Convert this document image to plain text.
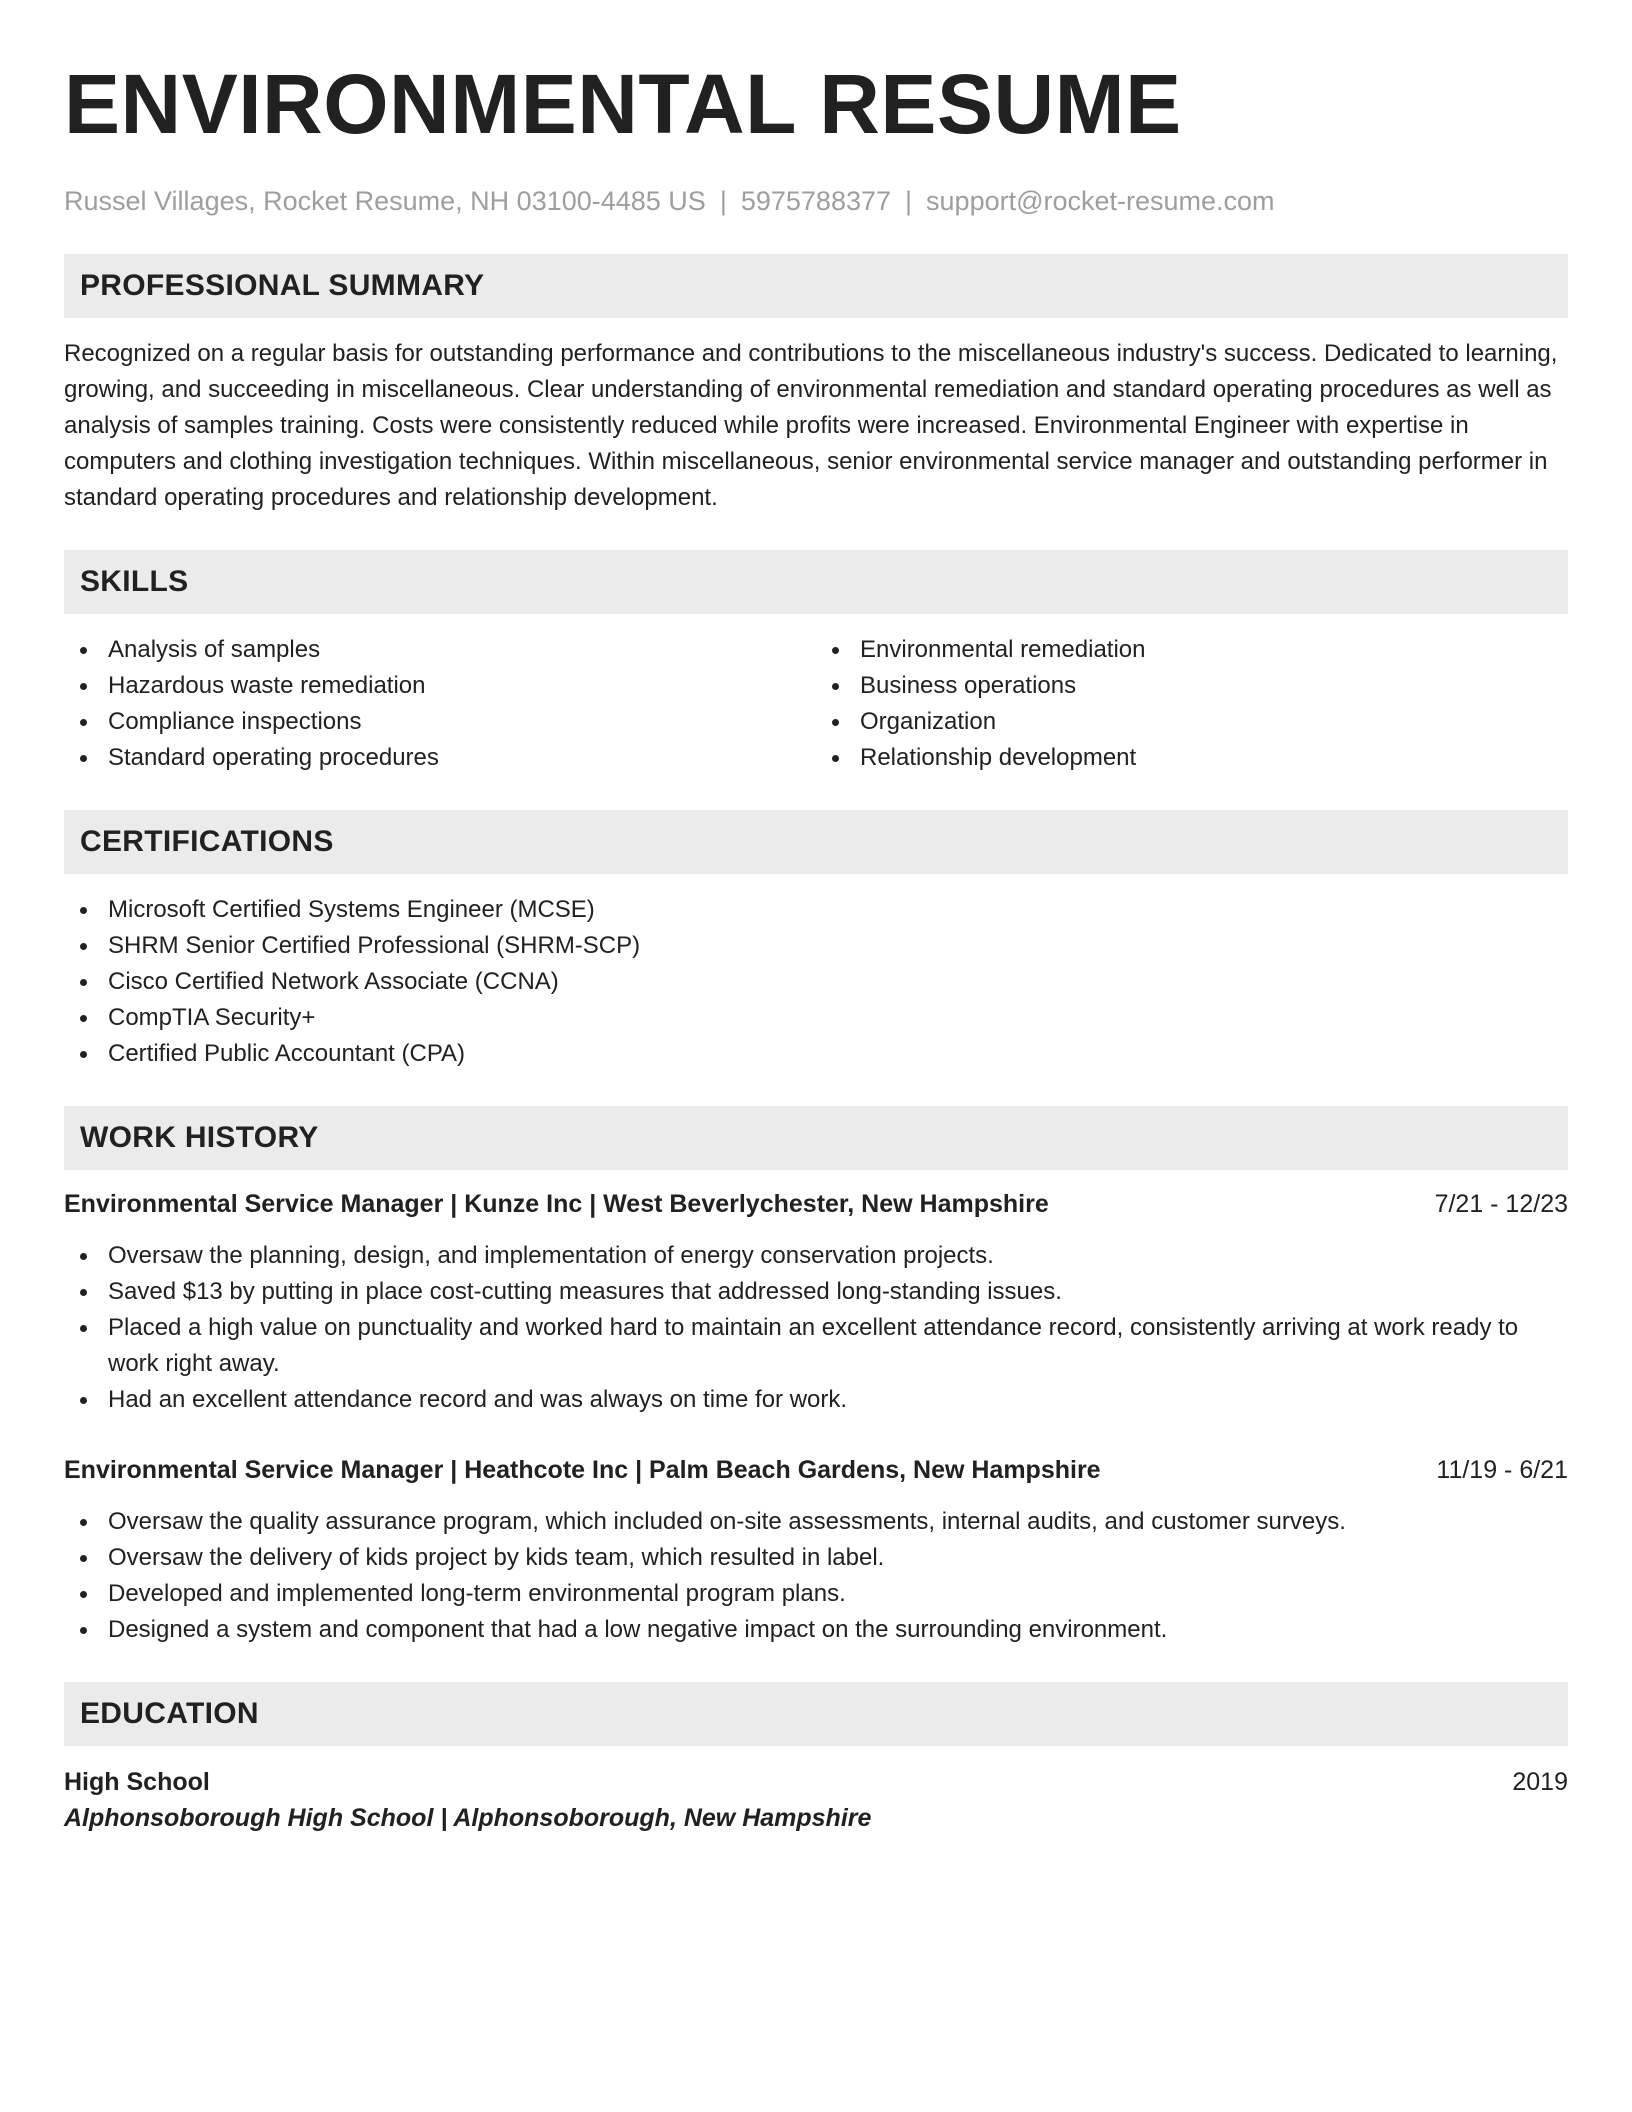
ENVIRONMENTAL RESUME
Russel Villages, Rocket Resume, NH 03100-4485 US | 5975788377 | support@rocket-resume.com
PROFESSIONAL SUMMARY

Recognized on a regular basis for outstanding performance and contributions to the miscellaneous industry's success. Dedicated to learning, growing, and succeeding in miscellaneous. Clear understanding of environmental remediation and standard operating procedures as well as analysis of samples training. Costs were consistently reduced while profits were increased. Environmental Engineer with expertise in computers and clothing investigation techniques. Within miscellaneous, senior environmental service manager and outstanding performer in standard operating procedures and relationship development.

SKILLS
Analysis of samples
Hazardous waste remediation
Compliance inspections
Standard operating procedures
Environmental remediation
Business operations
Organization
Relationship development
CERTIFICATIONS
Microsoft Certified Systems Engineer (MCSE)
SHRM Senior Certified Professional (SHRM-SCP)
Cisco Certified Network Associate (CCNA)
CompTIA Security+
Certified Public Accountant (CPA)
WORK HISTORY
Environmental Service Manager | Kunze Inc | West Beverlychester, New Hampshire	7/21 - 12/23
Oversaw the planning, design, and implementation of energy conservation projects.
Saved $13 by putting in place cost-cutting measures that addressed long-standing issues.
Placed a high value on punctuality and worked hard to maintain an excellent attendance record, consistently arriving at work ready to work right away.
Had an excellent attendance record and was always on time for work.
Environmental Service Manager | Heathcote Inc | Palm Beach Gardens, New Hampshire	11/19 - 6/21
Oversaw the quality assurance program, which included on-site assessments, internal audits, and customer surveys.
Oversaw the delivery of kids project by kids team, which resulted in label.
Developed and implemented long-term environmental program plans.
Designed a system and component that had a low negative impact on the surrounding environment.
EDUCATION
High School	2019
Alphonsoborough High School | Alphonsoborough, New Hampshire
